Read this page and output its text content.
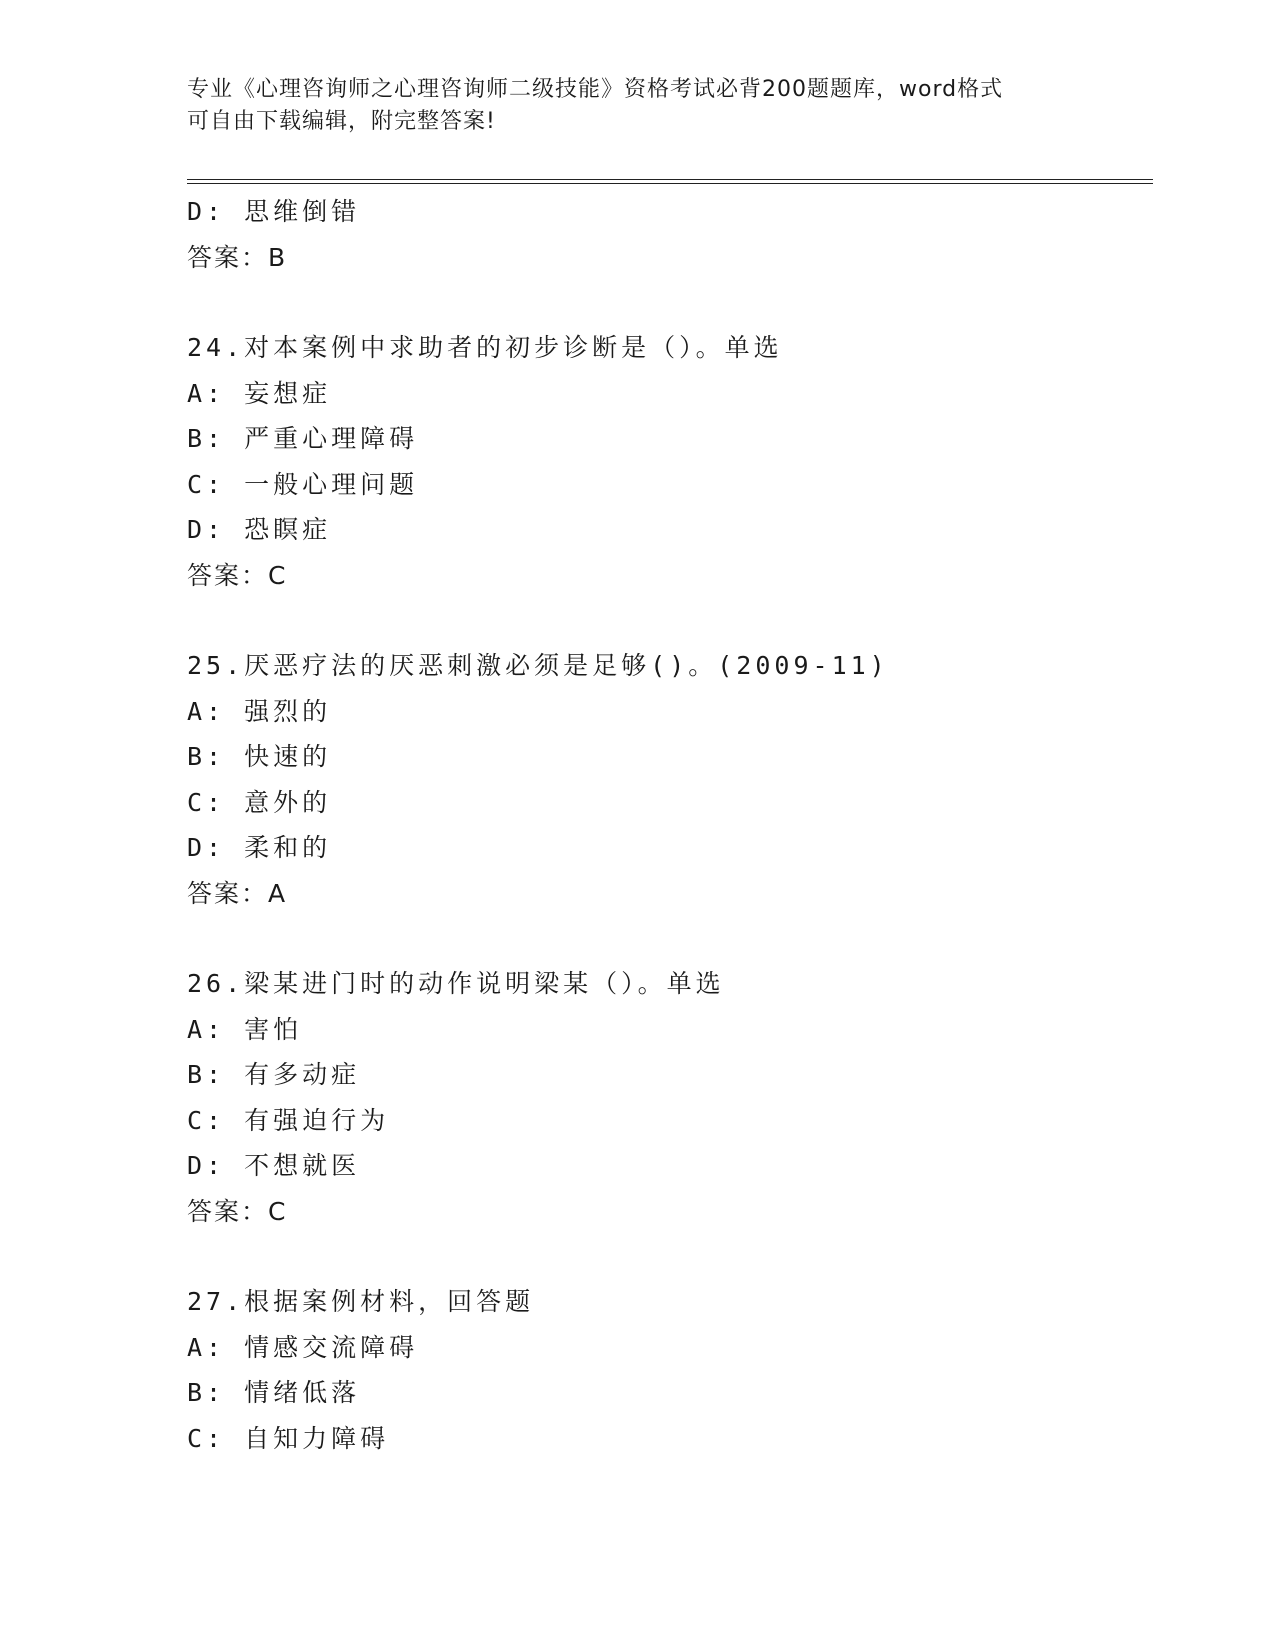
专业《心理咨询师之心理咨询师二级技能》资格考试必背200题题库，word格式
可自由下载编辑，附完整答案!
D: 思维倒错
答案：B
24.对本案例中求助者的初步诊断是（）。单选
A: 妄想症
B: 严重心理障碍
C: 一般心理问题
D: 恐瞑症
答案：C
25.厌恶疗法的厌恶刺激必须是足够()。(2009-11)
A: 强烈的
B: 快速的
C: 意外的
D: 柔和的
答案：A
26.梁某进门时的动作说明梁某（）。单选
A: 害怕
B: 有多动症
C: 有强迫行为
D: 不想就医
答案：C
27.根据案例材料，回答题
A: 情感交流障碍
B: 情绪低落
C: 自知力障碍
